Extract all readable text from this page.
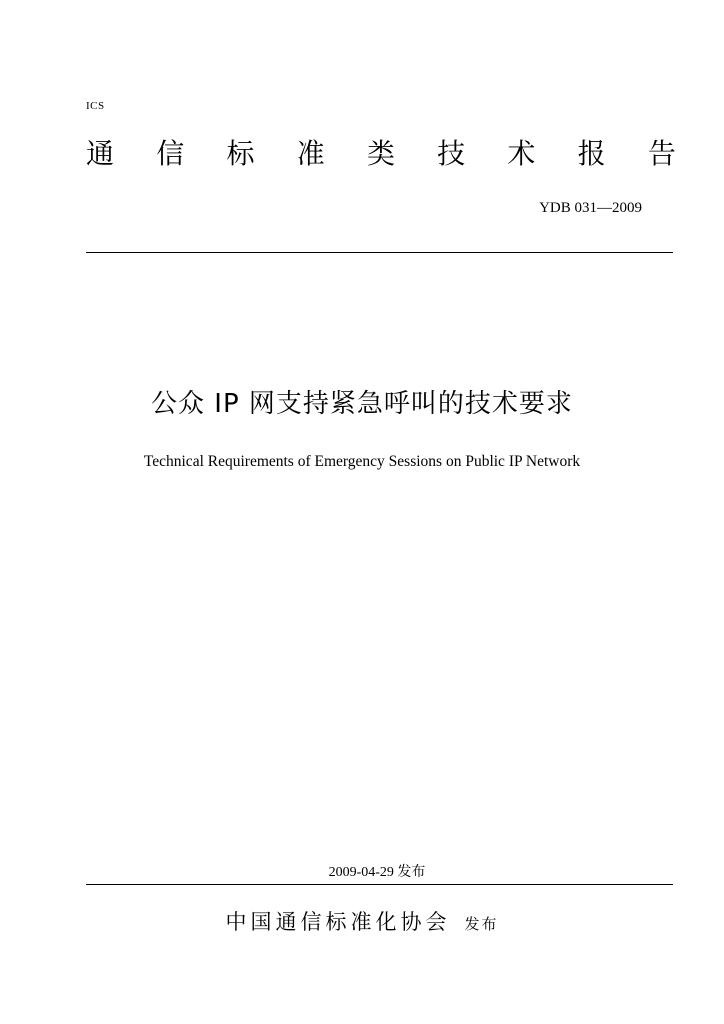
ICS
通 信 标 准 类 技 术 报 告
YDB 031—2009
公众 IP 网支持紧急呼叫的技术要求
Technical Requirements of Emergency Sessions on Public IP Network
2009-04-29 发布
中国通信标准化协会 发布
